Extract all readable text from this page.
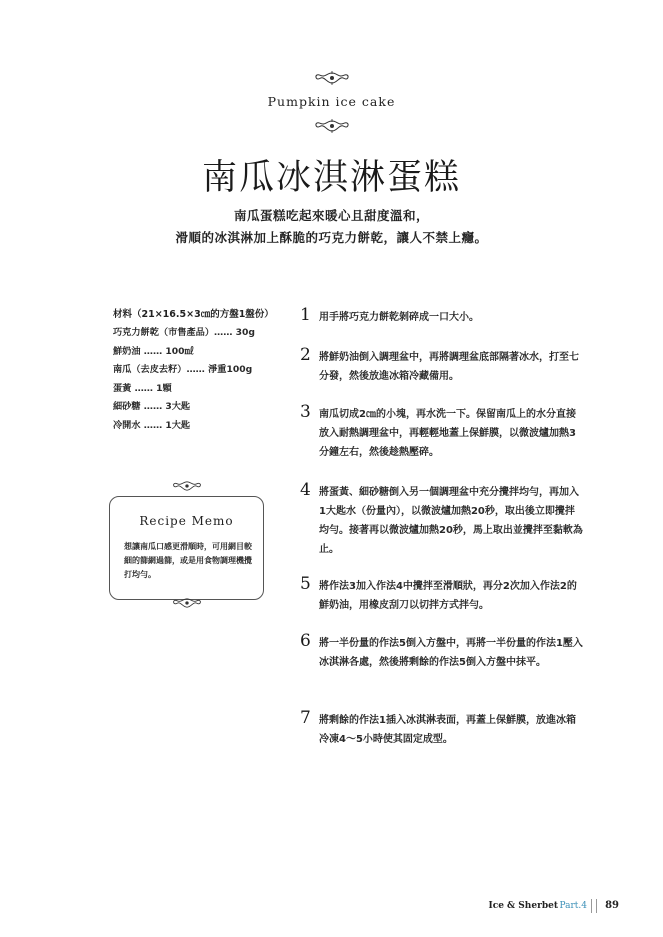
Pumpkin ice cake
南瓜冰淇淋蛋糕
南瓜蛋糕吃起來暖心且甜度溫和，
滑順的冰淇淋加上酥脆的巧克力餅乾，讓人不禁上癮。
材料（21×16.5×3㎝的方盤1盤份）
巧克力餅乾（市售產品）…… 30g
鮮奶油 …… 100㎖
南瓜（去皮去籽）…… 淨重100g
蛋黃 …… 1顆
細砂糖 …… 3大匙
冷開水 …… 1大匙
Recipe Memo
想讓南瓜口感更滑順時，可用網目較細的篩網過篩，或是用食物調理機攪打均勻。
1 用手將巧克力餅乾剝碎成一口大小。
2 將鮮奶油倒入調理盆中，再將調理盆底部隔著冰水，打至七分發，然後放進冰箱冷藏備用。
3 南瓜切成2㎝的小塊，再水洗一下。保留南瓜上的水分直接放入耐熱調理盆中，再輕輕地蓋上保鮮膜，以微波爐加熱3分鐘左右，然後趁熱壓碎。
4 將蛋黃、細砂糖倒入另一個調理盆中充分攪拌均勻，再加入1大匙水（份量內），以微波爐加熱20秒，取出後立即攪拌均勻。接著再以微波爐加熱20秒，馬上取出並攪拌至黏軟為止。
5 將作法3加入作法4中攪拌至滑順狀，再分2次加入作法2的鮮奶油，用橡皮刮刀以切拌方式拌勻。
6 將一半份量的作法5倒入方盤中，再將一半份量的作法1壓入冰淇淋各處，然後將剩餘的作法5倒入方盤中抹平。
7 將剩餘的作法1插入冰淇淋表面，再蓋上保鮮膜，放進冰箱冷凍4～5小時使其固定成型。
Ice & Sherbet Part.4 89
